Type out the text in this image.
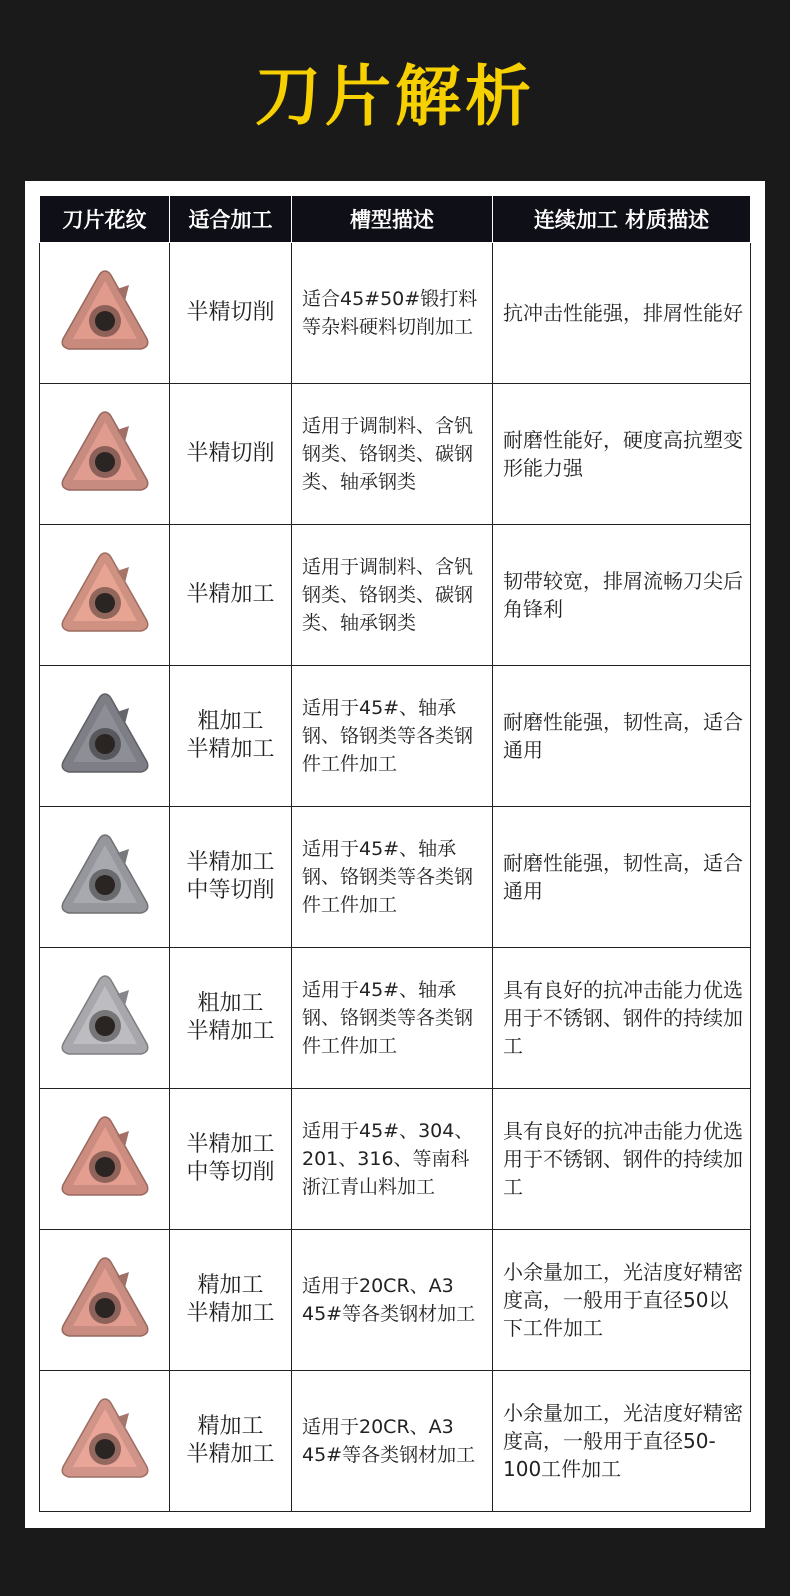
刀片解析
刀片花纹	适合加工	槽型描述	连续加工 材质描述

	半精切削	适合45#50#锻打料等杂料硬料切削加工	抗冲击性能强，排屑性能好

	半精切削	适用于调制料、含钒钢类、铬钢类、碳钢类、轴承钢类	耐磨性能好，硬度高抗塑变形能力强

	半精加工	适用于调制料、含钒钢类、铬钢类、碳钢类、轴承钢类	韧带较宽，排屑流畅刀尖后角锋利

	粗加工
半精加工	适用于45#、轴承钢、铬钢类等各类钢件工件加工	耐磨性能强，韧性高，适合通用

	半精加工
中等切削	适用于45#、轴承钢、铬钢类等各类钢件工件加工	耐磨性能强，韧性高，适合通用

	粗加工
半精加工	适用于45#、轴承钢、铬钢类等各类钢件工件加工	具有良好的抗冲击能力优选用于不锈钢、钢件的持续加工

	半精加工
中等切削	适用于45#、304、201、316、等南科浙江青山料加工	具有良好的抗冲击能力优选用于不锈钢、钢件的持续加工

	精加工
半精加工	适用于20CR、A3 45#等各类钢材加工	小余量加工，光洁度好精密度高，一般用于直径50以下工件加工

	精加工
半精加工	适用于20CR、A3 45#等各类钢材加工	小余量加工，光洁度好精密度高，一般用于直径50-100工件加工
